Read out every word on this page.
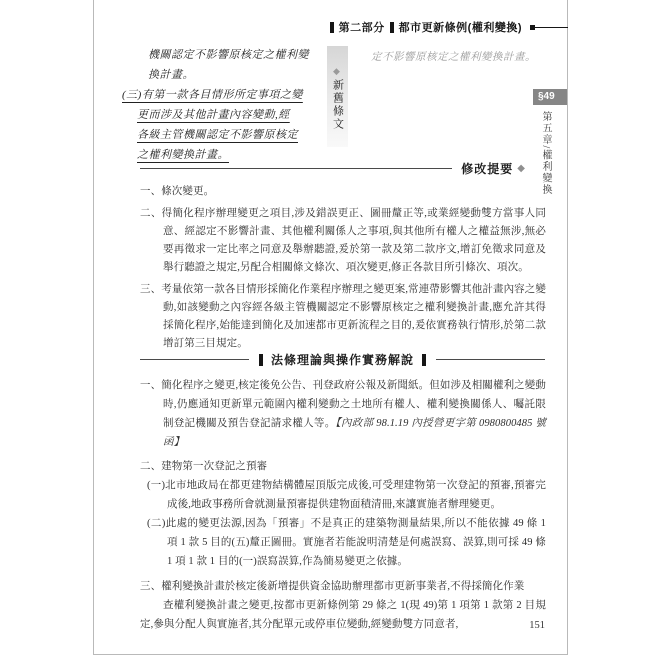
第二部分 都市更新條例(權利變換)
§49
第五章/權利變換
機關認定不影響原核定之權利變
換計畫。
(三)有第一款各目情形所定事項之變
更而涉及其他計畫內容變動,經
各級主管機關認定不影響原核定
之權利變換計畫。
◆新舊條文
定不影響原核定之權利變換計畫。
修改提要 ◆

一、條次變更。

二、得簡化程序辦理變更之項目,涉及錯誤更正、圖冊釐正等,或業經變動雙方當事人同意、經認定不影響計畫、其他權利關係人之事項,與其他所有權人之權益無涉,無必要再徵求一定比率之同意及舉辦聽證,爰於第一款及第二款序文,增訂免徵求同意及舉行聽證之規定,另配合相關條文條次、項次變更,修正各款目所引條次、項次。

三、考量依第一款各目情形採簡化作業程序辦理之變更案,常連帶影響其他計畫內容之變動,如該變動之內容經各級主管機關認定不影響原核定之權利變換計畫,應允許其得採簡化程序,始能達到簡化及加速都市更新流程之目的,爰依實務執行情形,於第二款增訂第三目規定。

法條理論與操作實務解說

一、簡化程序之變更,核定後免公告、刊登政府公報及新聞紙。但如涉及相關權利之變動時,仍應通知更新單元範圍內權利變動之土地所有權人、權利變換關係人、囑託限制登記機關及預告登記請求權人等。【內政部 98.1.19 內授營更字第 0980800485 號函】

二、建物第一次登記之預審

(一)北市地政局在都更建物結構體屋頂版完成後,可受理建物第一次登記的預審,預審完成後,地政事務所會就測量預審提供建物面積清冊,來讓實施者辦理變更。

(二)此處的變更法源,因為「預審」不是真正的建築物測量結果,所以不能依據 49 條 1 項 1 款 5 目的(五)釐正圖冊。實施者若能說明清楚是何處誤寫、誤算,則可採 49 條 1 項 1 款 1 目的(一)誤寫誤算,作為簡易變更之依據。

三、權利變換計畫於核定後新增提供資金協助辦理都市更新事業者,不得採簡化作業

查權利變換計畫之變更,按都市更新條例第 29 條之 1(現 49)第 1 項第 1 款第 2 目規定,參與分配人與實施者,其分配單元或停車位變動,經變動雙方同意者,	151
